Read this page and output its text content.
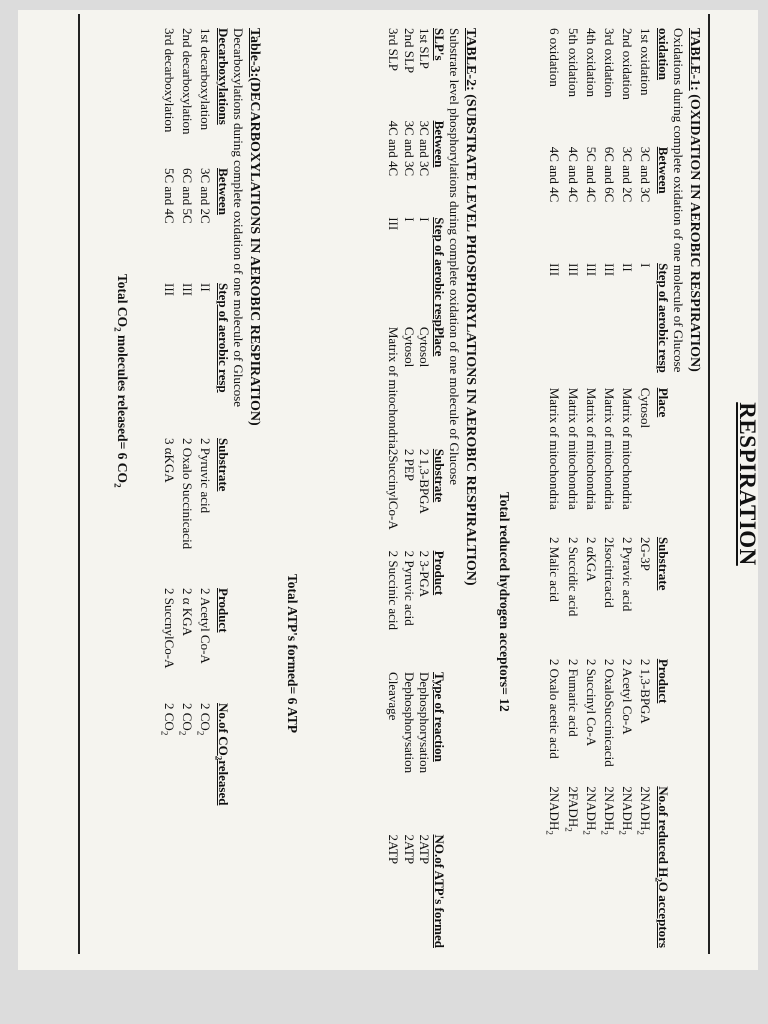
RESPIRATION
TABLE-1: (OXIDATION IN AEROBIC RESPIRATION)
Oxidations during complete oxidation of one molecule of Glucose
oxidation	Between	Step of aerobic resp	Place	Substrate	Product	No.of reduced $H_2O$ acceptors
1st oxidation	3C and 3C	I	Cytosol	2G-3P	2 1,3-BPGA	$2NADH_2$
2nd oxidation	3C and 2C	II	Matrix of mitochondria	2 Pyravic acid	2 Acetyl Co-A	$2NADH_2$
3rd oxidation	6C and 6C	III	Matrix of mitochondria	2Isocitricacid	2 OxaloSuccinicacid	$2NADH_2$
4th oxidation	5C and 4C	III	Matrix of mitochondria	2 αKGA	2 Succinyl Co-A	$2NADH_2$
5th oxidation	4C and 4C	III	Matrix of mitochondria	2 Succidic acid	2 Fumaric acid	$2FADH_2$
6 oxidation	4C and 4C	III	Matrix of mitochondria	2 Malic acid	2 Oxalo acetic acid	$2NADH_2$
Total reduced hydrogen acceptors= 12
TABLE-2: (SUBSTRATE LEVEL PHOSPHORYLATIONS IN AEROBIC RESPIRALTION)
Substrate level phosphorylations during complete oxidation of one molecule of Glucose
SLP's	Between	Step of aerobic resp	Place	Substrate	Product	Type of reaction	NO.of ATP's formed
1st SLP	3C and 3C	I	Cytosol	2 1,3-BPGA	2 3-PGA	Dephosphorysation	2ATP
2nd SLP	3C and 3C	I	Cytosol	2 PEP	2 Pyruvic acid	Dephosphorysation	2ATP
3rd SLP	4C and 4C	III	Matrix of mitochondria	2SuccinylCo-A	2 Succinic acid	Cleavage	2ATP
Total ATP's formed= 6 ATP
Table-3:(DECARBOXYLATIONS IN AEROBIC RESPIRATION)
Decarboxylations during complete oxidation of one molecule of Glucose
Decarboxylations	Between	Step of aerobic resp	Substrate	Product	No.of $CO_2released$
1st decarboxylation	3C and 2C	II	2 Pyruvic acid	2 Acetyl Co-A	2 $CO_2$
2nd decarboxylation	6C and 5C	III	2 Oxalo Succinicacid	2 α KGA	2 $CO_2$
3rd decarboxylation	5C and 4C	III	3 αKGA	2 SuccnylCo-A	2 $CO_2$
Total $CO_2$ molecules released= 6 $CO_2$
